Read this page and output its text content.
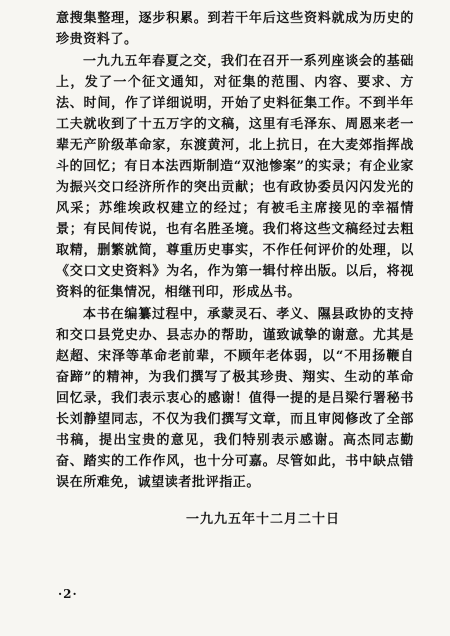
意搜集整理，逐步积累。到若干年后这些资料就成为历史的珍贵资料了。

一九九五年春夏之交，我们在召开一系列座谈会的基础上，发了一个征文通知，对征集的范围、内容、要求、方法、时间，作了详细说明，开始了史料征集工作。不到半年工夫就收到了十五万字的文稿，这里有毛泽东、周恩来老一辈无产阶级革命家，东渡黄河，北上抗日，在大麦郊指挥战斗的回忆；有日本法西斯制造“双池惨案”的实录；有企业家为振兴交口经济所作的突出贡献；也有政协委员闪闪发光的风采；苏维埃政权建立的经过；有被毛主席接见的幸福情景；有民间传说，也有名胜圣境。我们将这些文稿经过去粗取精，删繁就简，尊重历史事实，不作任何评价的处理，以《交口文史资料》为名，作为第一辑付梓出版。以后，将视资料的征集情况，相继刊印，形成丛书。

本书在编纂过程中，承蒙灵石、孝义、隰县政协的支持和交口县党史办、县志办的帮助，谨致诚挚的谢意。尤其是赵超、宋泽等革命老前辈，不顾年老体弱，以“不用扬鞭自奋蹄”的精神，为我们撰写了极其珍贵、翔实、生动的革命回忆录，我们表示衷心的感谢！值得一提的是吕梁行署秘书长刘静望同志，不仅为我们撰写文章，而且审阅修改了全部书稿，提出宝贵的意见，我们特别表示感谢。高杰同志勤奋、踏实的工作作风，也十分可嘉。尽管如此，书中缺点错误在所难免，诚望读者批评指正。

一九九五年十二月二十日
·2·
